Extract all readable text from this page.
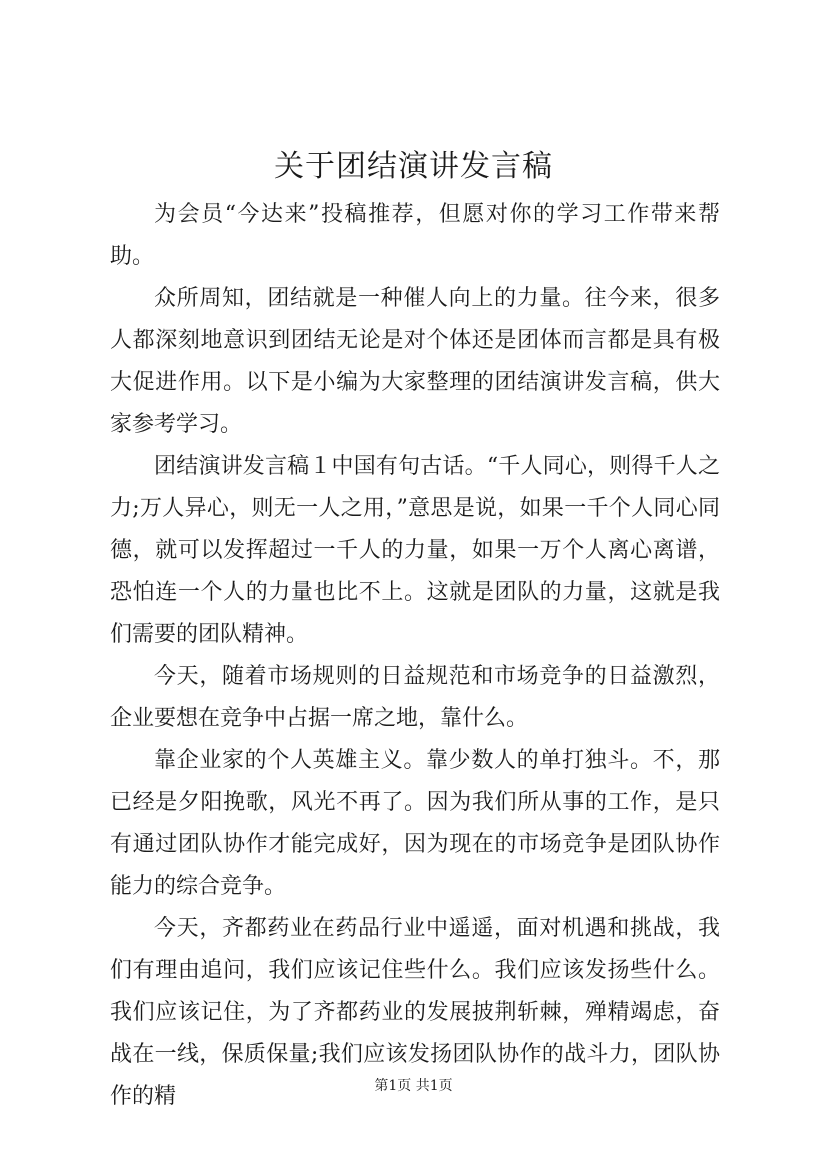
关于团结演讲发言稿

为会员“今达来”投稿推荐，但愿对你的学习工作带来帮助。

众所周知，团结就是一种催人向上的力量。往今来，很多人都深刻地意识到团结无论是对个体还是团体而言都是具有极大促进作用。以下是小编为大家整理的团结演讲发言稿，供大家参考学习。

团结演讲发言稿１中国有句古话。“千人同心，则得千人之力;万人异心，则无一人之用，”意思是说，如果一千个人同心同德，就可以发挥超过一千人的力量，如果一万个人离心离谱，恐怕连一个人的力量也比不上。这就是团队的力量，这就是我们需要的团队精神。

今天，随着市场规则的日益规范和市场竞争的日益激烈，企业要想在竞争中占据一席之地，靠什么。

靠企业家的个人英雄主义。靠少数人的单打独斗。不，那已经是夕阳挽歌，风光不再了。因为我们所从事的工作，是只有通过团队协作才能完成好，因为现在的市场竞争是团队协作能力的综合竞争。

今天，齐都药业在药品行业中遥遥，面对机遇和挑战，我们有理由追问，我们应该记住些什么。我们应该发扬些什么。我们应该记住，为了齐都药业的发展披荆斩棘，殚精竭虑，奋战在一线，保质保量;我们应该发扬团队协作的战斗力，团队协作的精	第1页 共1页
